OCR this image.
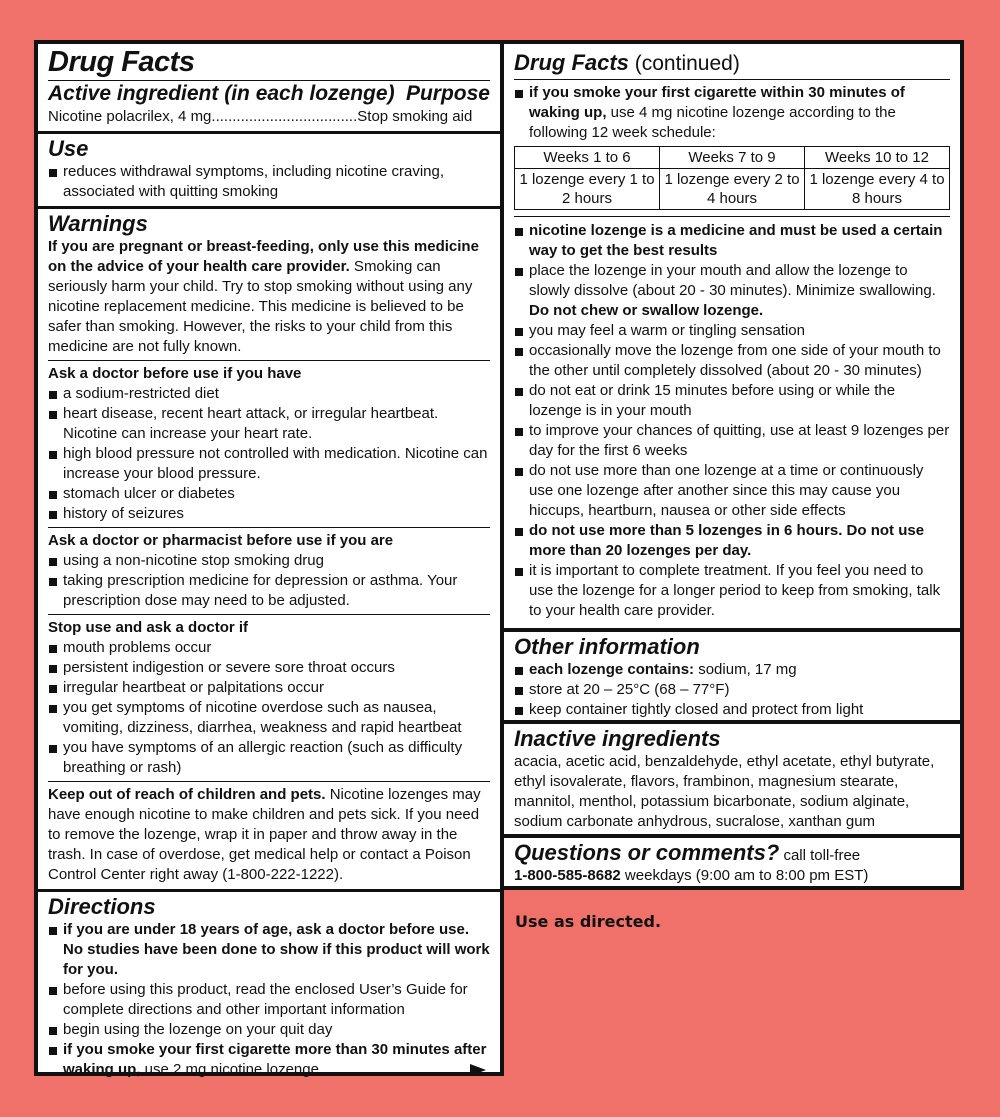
Drug Facts
Active ingredient (in each lozenge) Purpose
Nicotine polacrilex, 4 mg...................................Stop smoking aid
Use
reduces withdrawal symptoms, including nicotine craving, associated with quitting smoking
Warnings
If you are pregnant or breast-feeding, only use this medicine on the advice of your health care provider. Smoking can seriously harm your child. Try to stop smoking without using any nicotine replacement medicine. This medicine is believed to be safer than smoking. However, the risks to your child from this medicine are not fully known.
Ask a doctor before use if you have
a sodium-restricted diet
heart disease, recent heart attack, or irregular heartbeat. Nicotine can increase your heart rate.
high blood pressure not controlled with medication. Nicotine can increase your blood pressure.
stomach ulcer or diabetes
history of seizures
Ask a doctor or pharmacist before use if you are
using a non-nicotine stop smoking drug
taking prescription medicine for depression or asthma. Your prescription dose may need to be adjusted.
Stop use and ask a doctor if
mouth problems occur
persistent indigestion or severe sore throat occurs
irregular heartbeat or palpitations occur
you get symptoms of nicotine overdose such as nausea, vomiting, dizziness, diarrhea, weakness and rapid heartbeat
you have symptoms of an allergic reaction (such as difficulty breathing or rash)
Keep out of reach of children and pets. Nicotine lozenges may have enough nicotine to make children and pets sick. If you need to remove the lozenge, wrap it in paper and throw away in the trash. In case of overdose, get medical help or contact a Poison Control Center right away (1-800-222-1222).
Directions
if you are under 18 years of age, ask a doctor before use. No studies have been done to show if this product will work for you.
before using this product, read the enclosed User’s Guide for complete directions and other important information
begin using the lozenge on your quit day
if you smoke your first cigarette more than 30 minutes after waking up, use 2 mg nicotine lozenge
Drug Facts (continued)
if you smoke your first cigarette within 30 minutes of waking up, use 4 mg nicotine lozenge according to the following 12 week schedule:
Weeks 1 to 6	Weeks 7 to 9	Weeks 10 to 12
1 lozenge every 1 to 2 hours	1 lozenge every 2 to 4 hours	1 lozenge every 4 to 8 hours
nicotine lozenge is a medicine and must be used a certain way to get the best results
place the lozenge in your mouth and allow the lozenge to slowly dissolve (about 20 - 30 minutes). Minimize swallowing. Do not chew or swallow lozenge.
you may feel a warm or tingling sensation
occasionally move the lozenge from one side of your mouth to the other until completely dissolved (about 20 - 30 minutes)
do not eat or drink 15 minutes before using or while the lozenge is in your mouth
to improve your chances of quitting, use at least 9 lozenges per day for the first 6 weeks
do not use more than one lozenge at a time or continuously use one lozenge after another since this may cause you hiccups, heartburn, nausea or other side effects
do not use more than 5 lozenges in 6 hours. Do not use more than 20 lozenges per day.
it is important to complete treatment. If you feel you need to use the lozenge for a longer period to keep from smoking, talk to your health care provider.
Other information
each lozenge contains: sodium, 17 mg
store at 20 – 25°C (68 – 77°F)
keep container tightly closed and protect from light
Inactive ingredients
acacia, acetic acid, benzaldehyde, ethyl acetate, ethyl butyrate, ethyl isovalerate, flavors, frambinon, magnesium stearate, mannitol, menthol, potassium bicarbonate, sodium alginate, sodium carbonate anhydrous, sucralose, xanthan gum
Questions or comments? call toll-free
1-800-585-8682 weekdays (9:00 am to 8:00 pm EST)
Use as directed.
